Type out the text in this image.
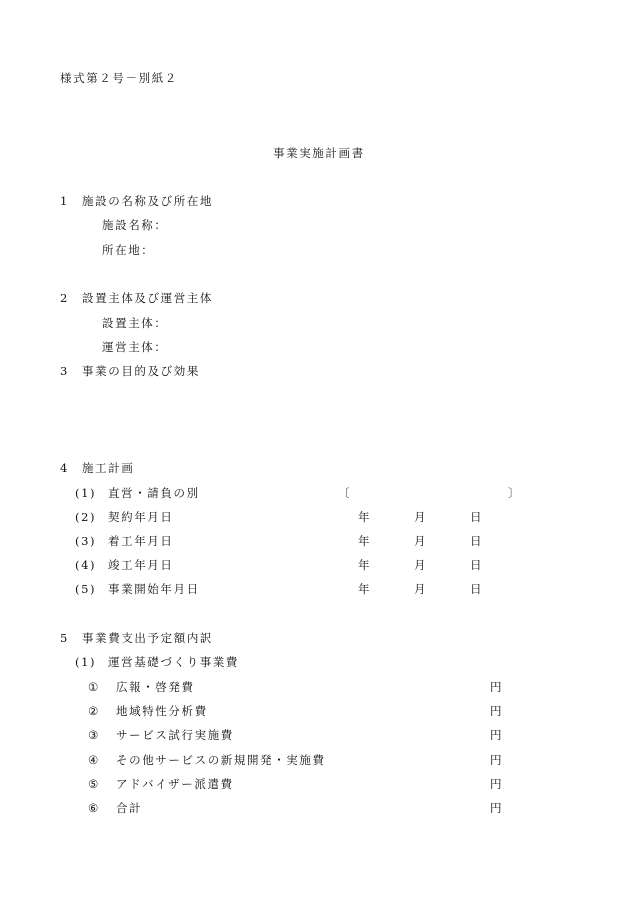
様式第２号－別紙２
事業実施計画書
1　施設の名称及び所在地
施設名称：
所在地：
2　設置主体及び運営主体
設置主体：
運営主体：
3　事業の目的及び効果
4　施工計画
(1) 直営・請負の別	〔	〕
(2) 契約年月日	年	月	日
(3) 着工年月日	年	月	日
(4) 竣工年月日	年	月	日
(5) 事業開始年月日	年	月	日
5　事業費支出予定額内訳
(1) 運営基礎づくり事業費
① 広報・啓発費	円
② 地域特性分析費	円
③ サービス試行実施費	円
④ その他サービスの新規開発・実施費	円
⑤ アドバイザー派遣費	円
⑥ 合計	円
